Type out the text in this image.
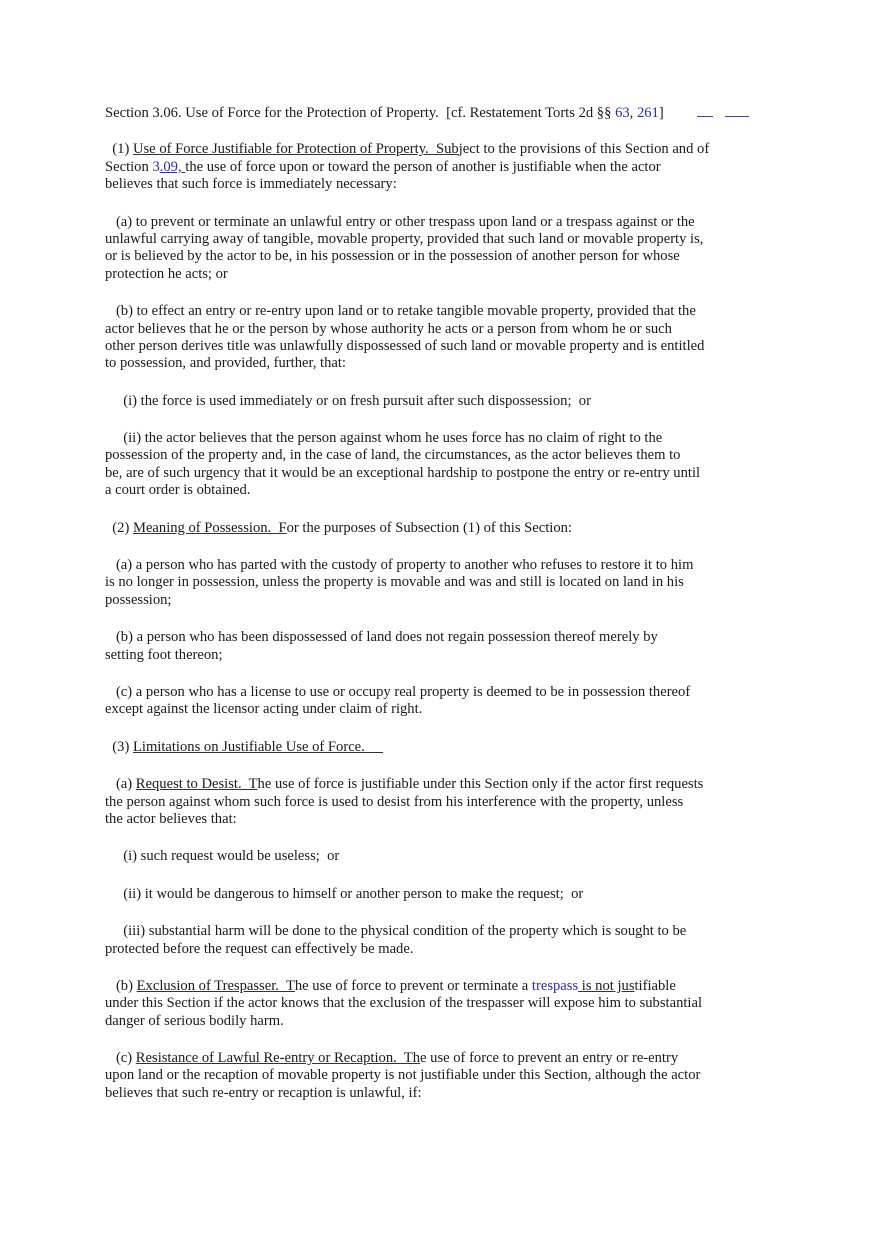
Section 3.06. Use of Force for the Protection of Property.  [cf. Restatement Torts 2d §§ 63, 261]
(1) Use of Force Justifiable for Protection of Property.  Subject to the provisions of this Section and of
Section 3.09, the use of force upon or toward the person of another is justifiable when the actor
believes that such force is immediately necessary:
(a) to prevent or terminate an unlawful entry or other trespass upon land or a trespass against or the
unlawful carrying away of tangible, movable property, provided that such land or movable property is,
or is believed by the actor to be, in his possession or in the possession of another person for whose
protection he acts; or
(b) to effect an entry or re-entry upon land or to retake tangible movable property, provided that the
actor believes that he or the person by whose authority he acts or a person from whom he or such
other person derives title was unlawfully dispossessed of such land or movable property and is entitled
to possession, and provided, further, that:
(i) the force is used immediately or on fresh pursuit after such dispossession;  or
(ii) the actor believes that the person against whom he uses force has no claim of right to the
possession of the property and, in the case of land, the circumstances, as the actor believes them to
be, are of such urgency that it would be an exceptional hardship to postpone the entry or re-entry until
a court order is obtained.
(2) Meaning of Possession.  For the purposes of Subsection (1) of this Section:
(a) a person who has parted with the custody of property to another who refuses to restore it to him
is no longer in possession, unless the property is movable and was and still is located on land in his
possession;
(b) a person who has been dispossessed of land does not regain possession thereof merely by
setting foot thereon;
(c) a person who has a license to use or occupy real property is deemed to be in possession thereof
except against the licensor acting under claim of right.
(3) Limitations on Justifiable Use of Force.
(a) Request to Desist.  The use of force is justifiable under this Section only if the actor first requests
the person against whom such force is used to desist from his interference with the property, unless
the actor believes that:
(i) such request would be useless;  or
(ii) it would be dangerous to himself or another person to make the request;  or
(iii) substantial harm will be done to the physical condition of the property which is sought to be
protected before the request can effectively be made.
(b) Exclusion of Trespasser.  The use of force to prevent or terminate a trespass is not justifiable
under this Section if the actor knows that the exclusion of the trespasser will expose him to substantial
danger of serious bodily harm.
(c) Resistance of Lawful Re-entry or Recaption.  The use of force to prevent an entry or re-entry
upon land or the recaption of movable property is not justifiable under this Section, although the actor
believes that such re-entry or recaption is unlawful, if:
